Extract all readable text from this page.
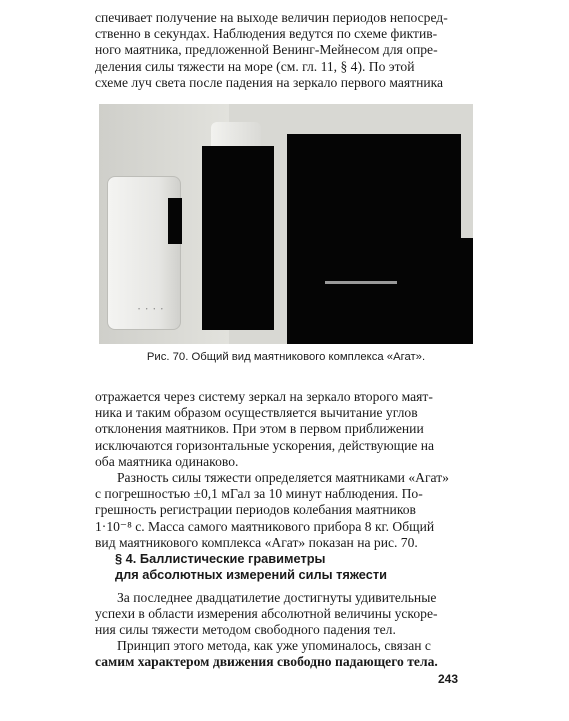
спечивает получение на выходе величин периодов непосред-
ственно в секундах. Наблюдения ведутся по схеме фиктив-
ного маятника, предложенной Венинг-Мейнесом для опре-
деления силы тяжести на море (см. гл. 11, § 4). По этой
схеме луч света после падения на зеркало первого маятника
• • • •
Рис. 70. Общий вид маятникового комплекса «Агат».
отражается через систему зеркал на зеркало второго маят-
ника и таким образом осуществляется вычитание углов
отклонения маятников. При этом в первом приближении
исключаются горизонтальные ускорения, действующие на
оба маятника одинаково.
Разность силы тяжести определяется маятниками «Агат»
с погрешностью ±0,1 мГал за 10 минут наблюдения. По-
грешность регистрации периодов колебания маятников
1·10⁻⁸ с. Масса самого маятникового прибора 8 кг. Общий
вид маятникового комплекса «Агат» показан на рис. 70.
§ 4. Баллистические гравиметры
для абсолютных измерений силы тяжести
За последнее двадцатилетие достигнуты удивительные
успехи в области измерения абсолютной величины ускоре-
ния силы тяжести методом свободного падения тел.
Принцип этого метода, как уже упоминалось, связан с
самим характером движения свободно падающего тела.
243
